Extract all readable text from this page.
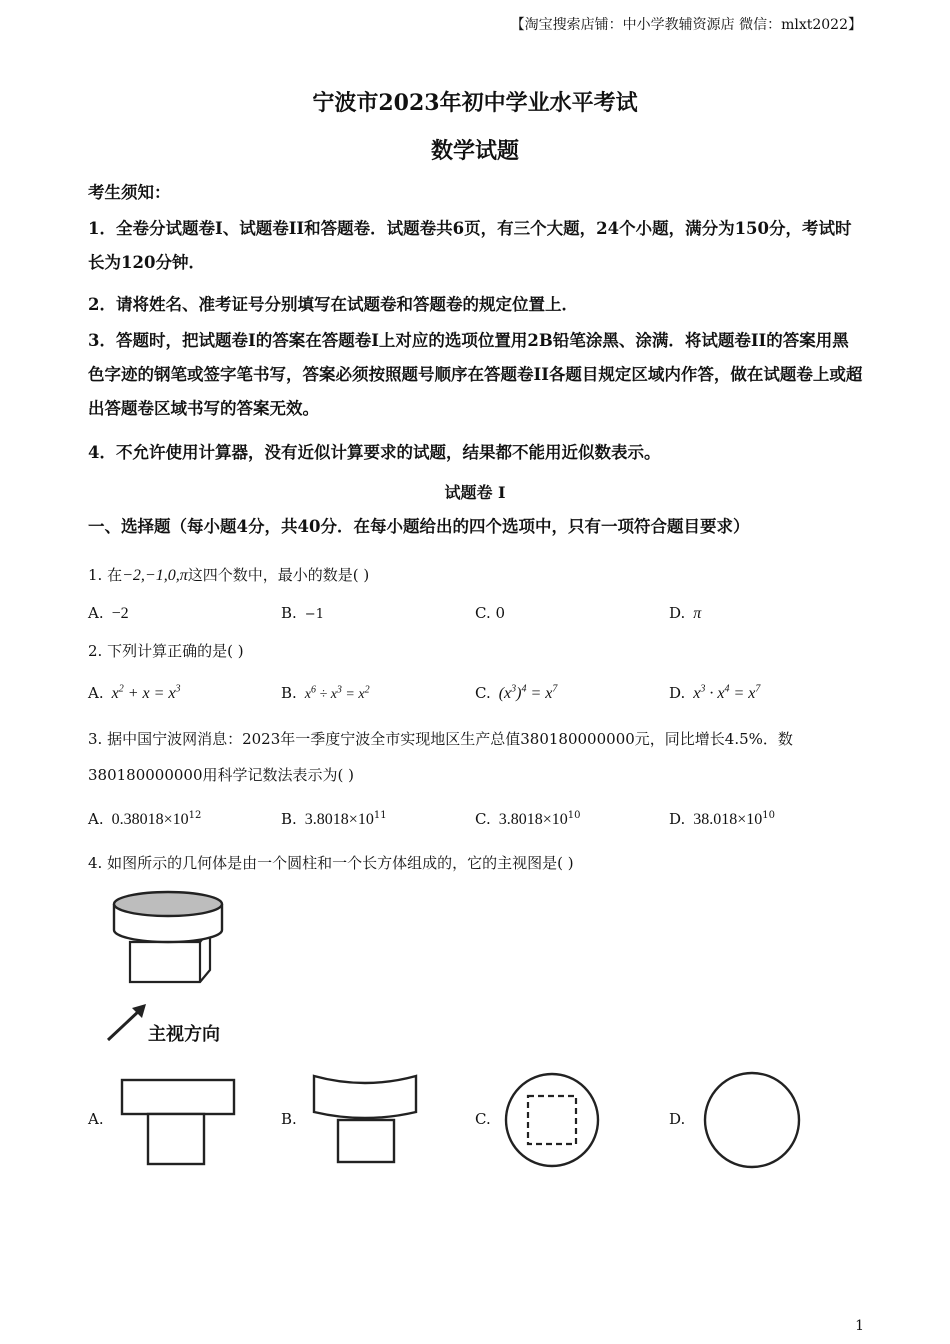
【淘宝搜索店铺：中小学教辅资源店 微信：mlxt2022】
宁波市2023年初中学业水平考试
数学试题
考生须知：
1．全卷分试题卷I、试题卷II和答题卷．试题卷共6页，有三个大题，24个小题，满分为150分，考试时长为120分钟．
2．请将姓名、准考证号分别填写在试题卷和答题卷的规定位置上．
3．答题时，把试题卷I的答案在答题卷I上对应的选项位置用2B铅笔涂黑、涂满．将试题卷II的答案用黑色字迹的钢笔或签字笔书写，答案必须按照题号顺序在答题卷II各题目规定区域内作答，做在试题卷上或超出答题卷区域书写的答案无效。
4．不允许使用计算器，没有近似计算要求的试题，结果都不能用近似数表示。
试题卷 I
一、选择题（每小题4分，共40分．在每小题给出的四个选项中，只有一项符合题目要求）
1. 在−2,−1,0,π这四个数中，最小的数是( )
A. −2	B. −1	C. 0	D. π
2. 下列计算正确的是( )
A. $x^2 + x = x^3$	B. $x^6 \div x^3 = x^2$	C. $(x^3)^4 = x^7$	D. $x^3 \cdot x^4 = x^7$
3. 据中国宁波网消息：2023年一季度宁波全市实现地区生产总值380180000000元，同比增长4.5%．数
380180000000用科学记数法表示为( )
A. $0.38018\times 10^{12}$	B. $3.8018\times 10^{11}$	C. $3.8018\times 10^{10}$	D. $38.018\times 10^{10}$
4. 如图所示的几何体是由一个圆柱和一个长方体组成的，它的主视图是( )
主视方向
A.	B.	C.	D.
1
